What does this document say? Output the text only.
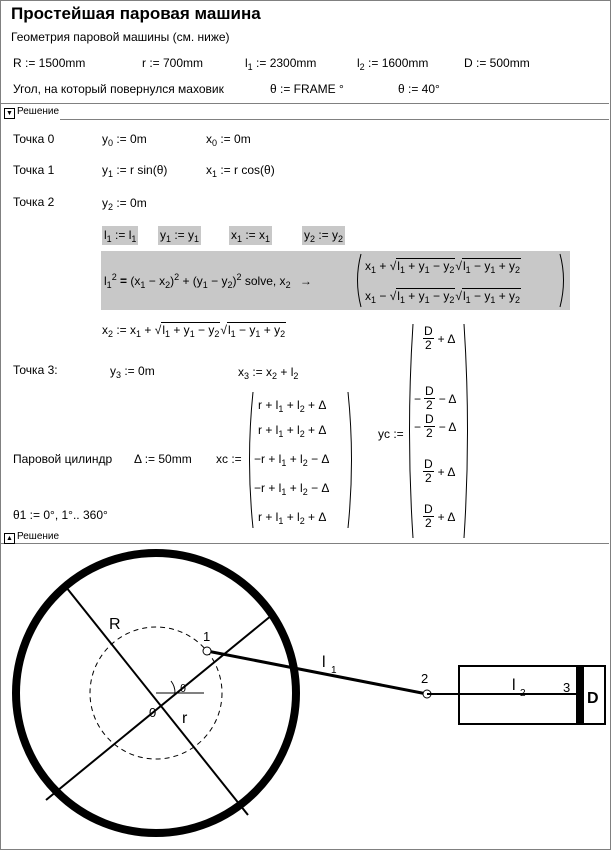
Простейшая паровая машина
Геометрия паровой машины (см. ниже)
R := 1500mm	r := 700mm	$l_1$ := 2300mm	$l_2$ := 1600mm	D := 500mm
Угол, на который повернулся маховик	θ := FRAME °	θ := 40°
▼ Решение
Точка 0	$y_0$ := 0m	$x_0$ := 0m
Точка 1	$y_1$ := r sin(θ)	$x_1$ := r cos(θ)
Точка 2	$y_2$ := 0m
$l_1$ := $l_1$ $y_1$ := $y_1$	$x_1$ := $x_1$	$y_2$ := $y_2$
$l_1^2 = (x_1 - x_2)^2 + (y_1 - y_2)^2$ solve, $x_2$ →
$x_1 + √l_1 + y_1 - y_2√l_1 - y_1 + y_2$
$x_1 - √l_1 + y_1 - y_2√l_1 - y_1 + y_2$
$x_2$ := $x_1 + √l_1 + y_1 - y_2√l_1 - y_1 + y_2$
Точка 3:	$y_3$ := 0m	$x_3$ := $x_2 + l_2$
Паровой цилиндр Δ := 50mm xc :=
$r + l_1 + l_2 + \Delta$
$r + l_1 + l_2 + \Delta$
$-r + l_1 + l_2 - \Delta$
$-r + l_1 + l_2 - \Delta$
$r + l_1 + l_2 + \Delta$
yc :=
$\frac{D}{2} + \Delta$
− $\frac{D}{2} - \Delta$
− $\frac{D}{2} - \Delta$
$\frac{D}{2} + \Delta$
$\frac{D}{2} + \Delta$
θ1 := 0°, 1°.. 360°
▲ Решение
R
r
0
1
2
3
θ
l 1
l 2	D
